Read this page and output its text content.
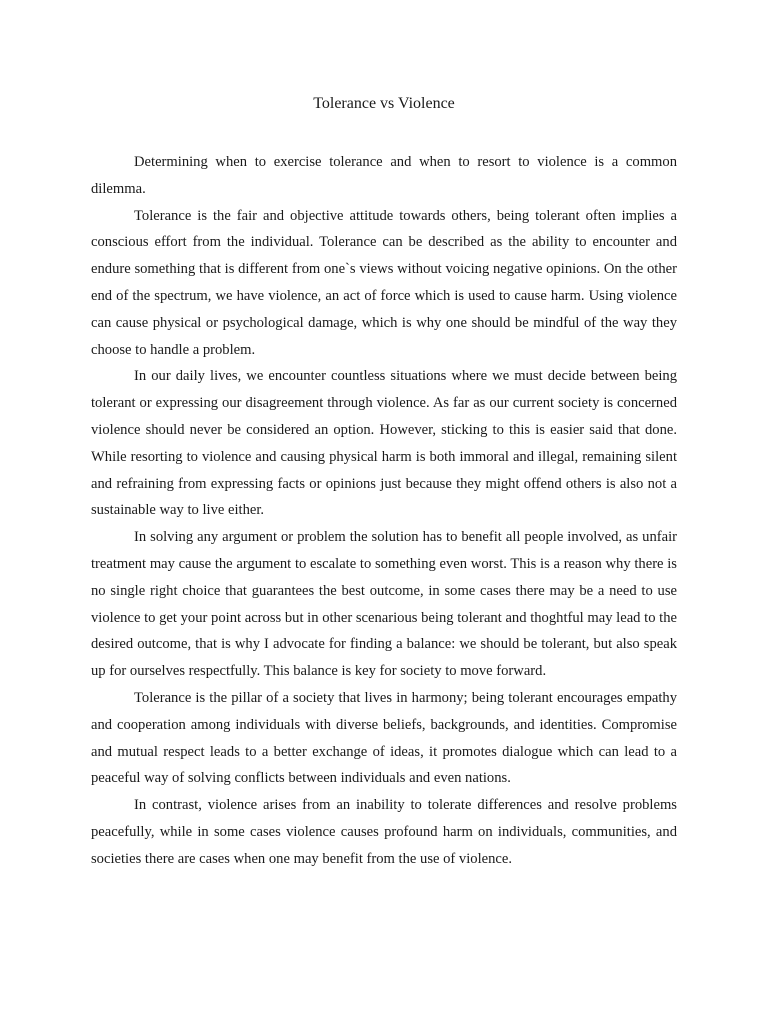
Tolerance vs Violence

Determining when to exercise tolerance and when to resort to violence is a common dilemma.

Tolerance is the fair and objective attitude towards others, being tolerant often implies a conscious effort from the individual. Tolerance can be described as the ability to encounter and endure something that is different from one`s views without voicing negative opinions. On the other end of the spectrum, we have violence, an act of force which is used to cause harm. Using violence can cause physical or psychological damage, which is why one should be mindful of the way they choose to handle a problem.

In our daily lives, we encounter countless situations where we must decide between being tolerant or expressing our disagreement through violence. As far as our current society is concerned violence should never be considered an option. However, sticking to this is easier said that done. While resorting to violence and causing physical harm is both immoral and illegal, remaining silent and refraining from expressing facts or opinions just because they might offend others is also not a sustainable way to live either.

In solving any argument or problem the solution has to benefit all people involved, as unfair treatment may cause the argument to escalate to something even worst. This is a reason why there is no single right choice that guarantees the best outcome, in some cases there may be a need to use violence to get your point across but in other scenarious being tolerant and thoghtful may lead to the desired outcome, that is why I advocate for finding a balance: we should be tolerant, but also speak up for ourselves respectfully. This balance is key for society to move forward.

Tolerance is the pillar of a society that lives in harmony; being tolerant encourages empathy and cooperation among individuals with diverse beliefs, backgrounds, and identities. Compromise and mutual respect leads to a better exchange of ideas, it promotes dialogue which can lead to a peaceful way of solving conflicts between individuals and even nations.

In contrast, violence arises from an inability to tolerate differences and resolve problems peacefully, while in some cases violence causes profound harm on individuals, communities, and societies there are cases when one may benefit from the use of violence.
